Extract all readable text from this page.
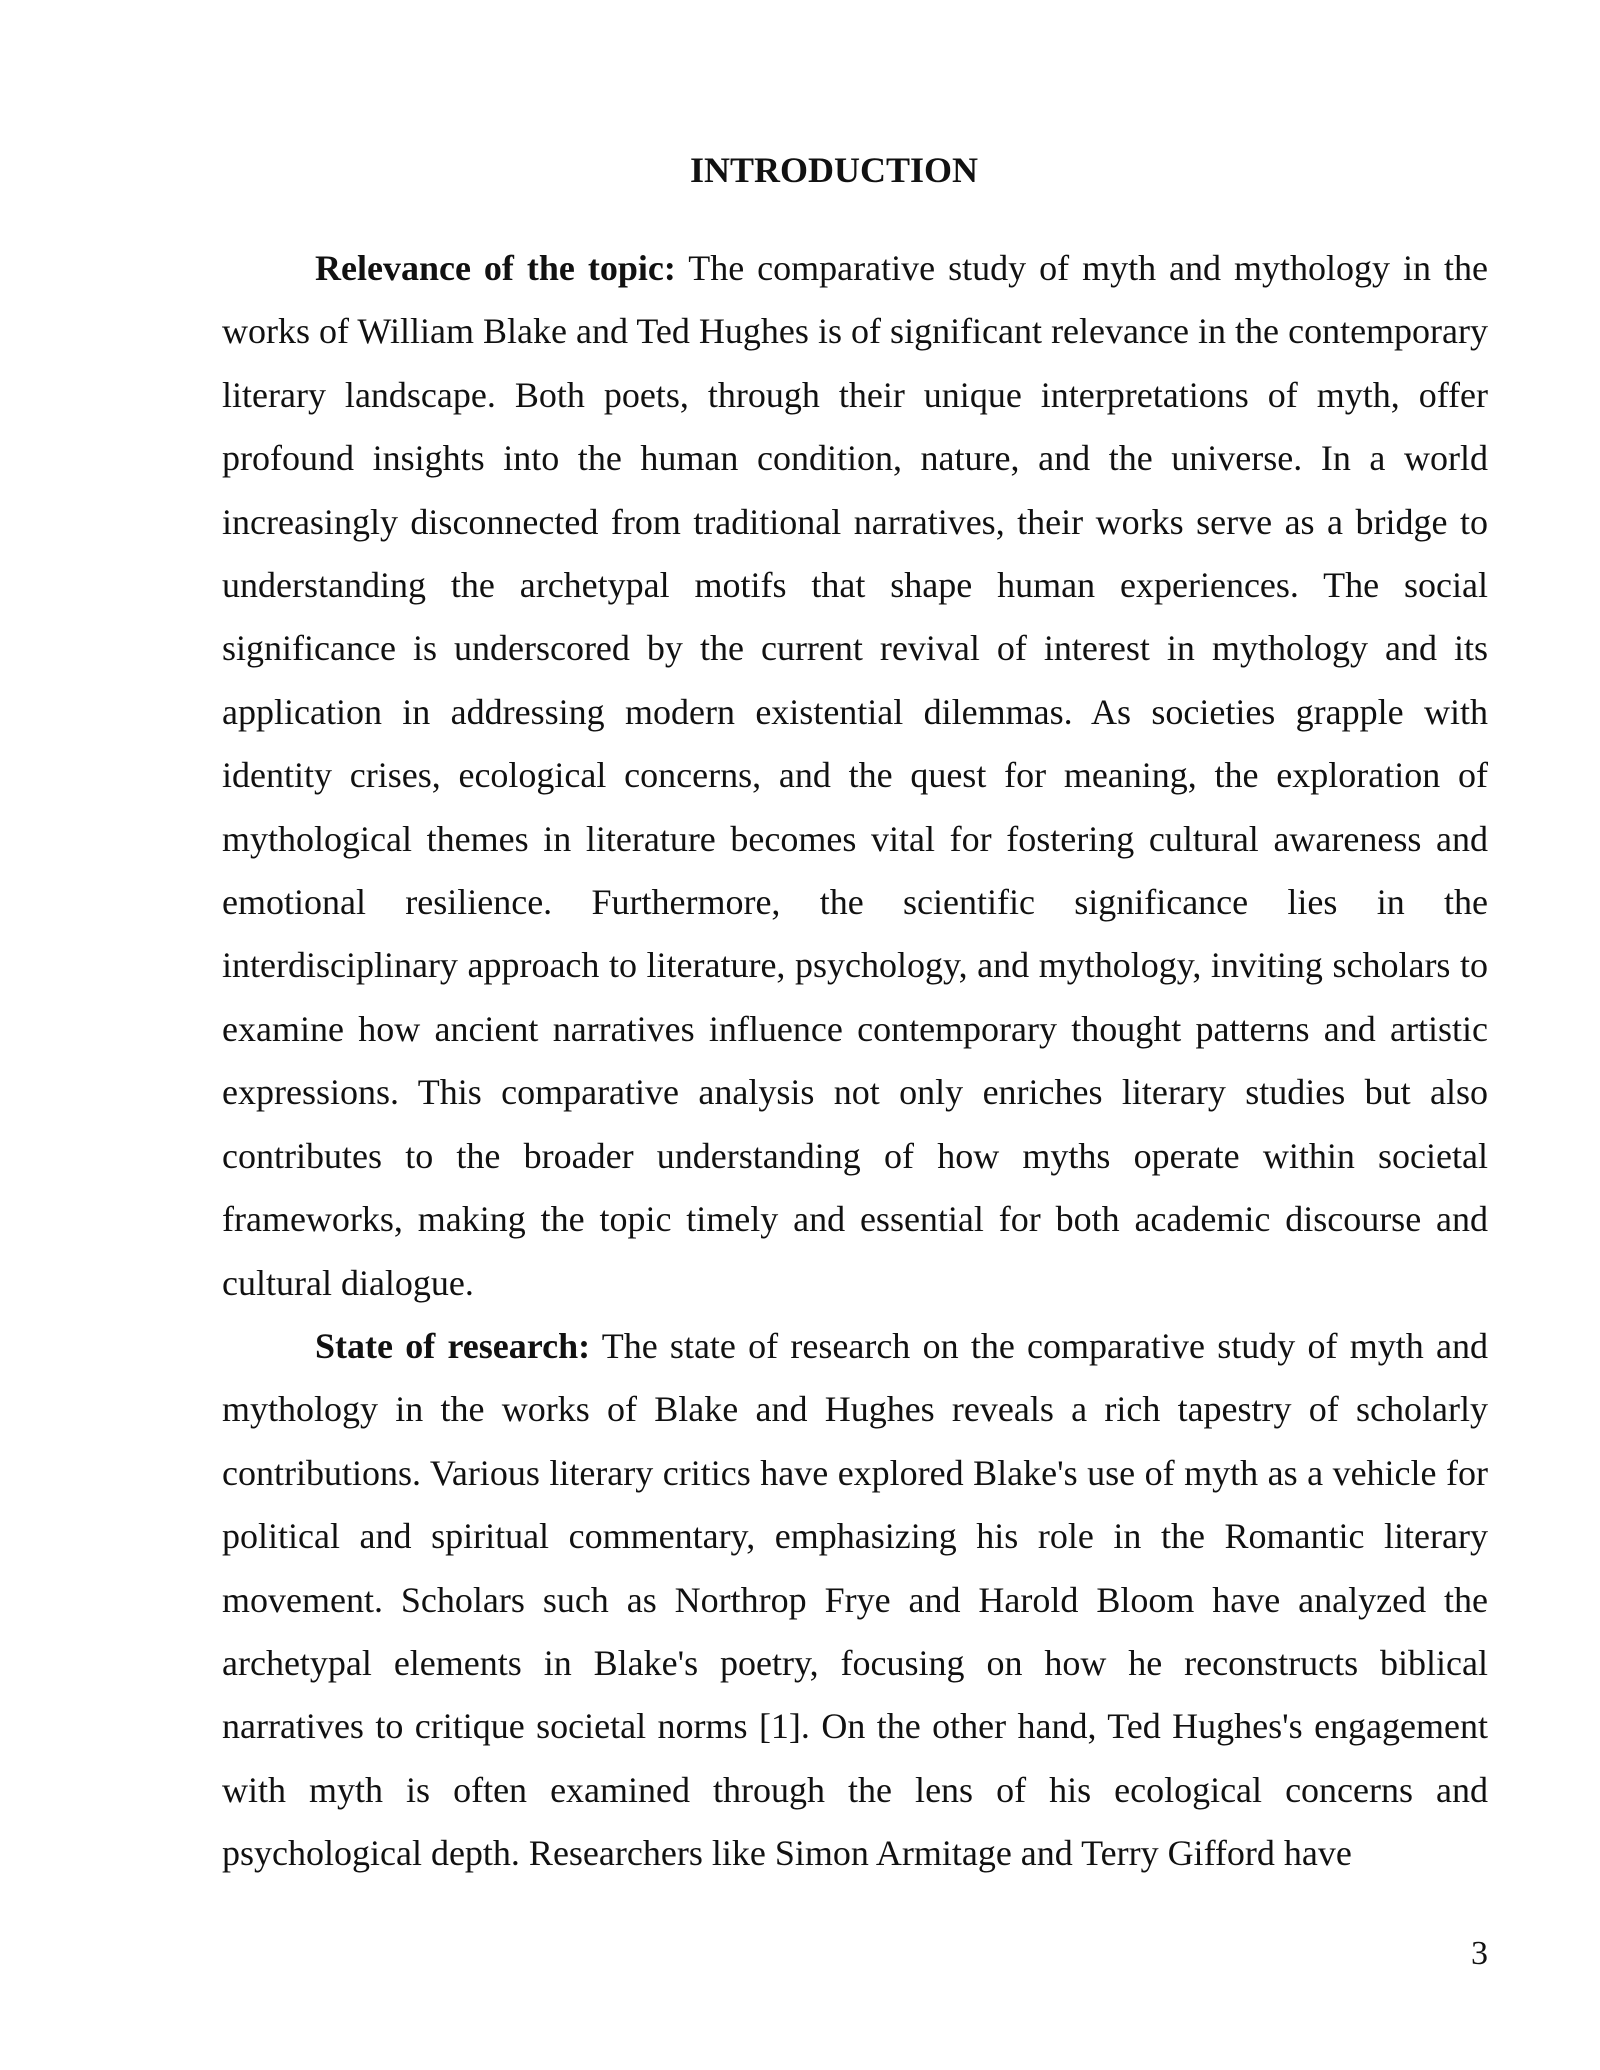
INTRODUCTION

Relevance of the topic: The comparative study of myth and mythology in the works of William Blake and Ted Hughes is of significant relevance in the contemporary literary landscape. Both poets, through their unique interpretations of myth, offer profound insights into the human condition, nature, and the universe. In a world increasingly disconnected from traditional narratives, their works serve as a bridge to understanding the archetypal motifs that shape human experiences. The social significance is underscored by the current revival of interest in mythology and its application in addressing modern existential dilemmas. As societies grapple with identity crises, ecological concerns, and the quest for meaning, the exploration of mythological themes in literature becomes vital for fostering cultural awareness and emotional resilience. Furthermore, the scientific significance lies in the interdisciplinary approach to literature, psychology, and mythology, inviting scholars to examine how ancient narratives influence contemporary thought patterns and artistic expressions. This comparative analysis not only enriches literary studies but also contributes to the broader understanding of how myths operate within societal frameworks, making the topic timely and essential for both academic discourse and cultural dialogue.

State of research: The state of research on the comparative study of myth and mythology in the works of Blake and Hughes reveals a rich tapestry of scholarly contributions. Various literary critics have explored Blake's use of myth as a vehicle for political and spiritual commentary, emphasizing his role in the Romantic literary movement. Scholars such as Northrop Frye and Harold Bloom have analyzed the archetypal elements in Blake's poetry, focusing on how he reconstructs biblical narratives to critique societal norms [1]. On the other hand, Ted Hughes's engagement with myth is often examined through the lens of his ecological concerns and psychological depth. Researchers like Simon Armitage and Terry Gifford have

3
